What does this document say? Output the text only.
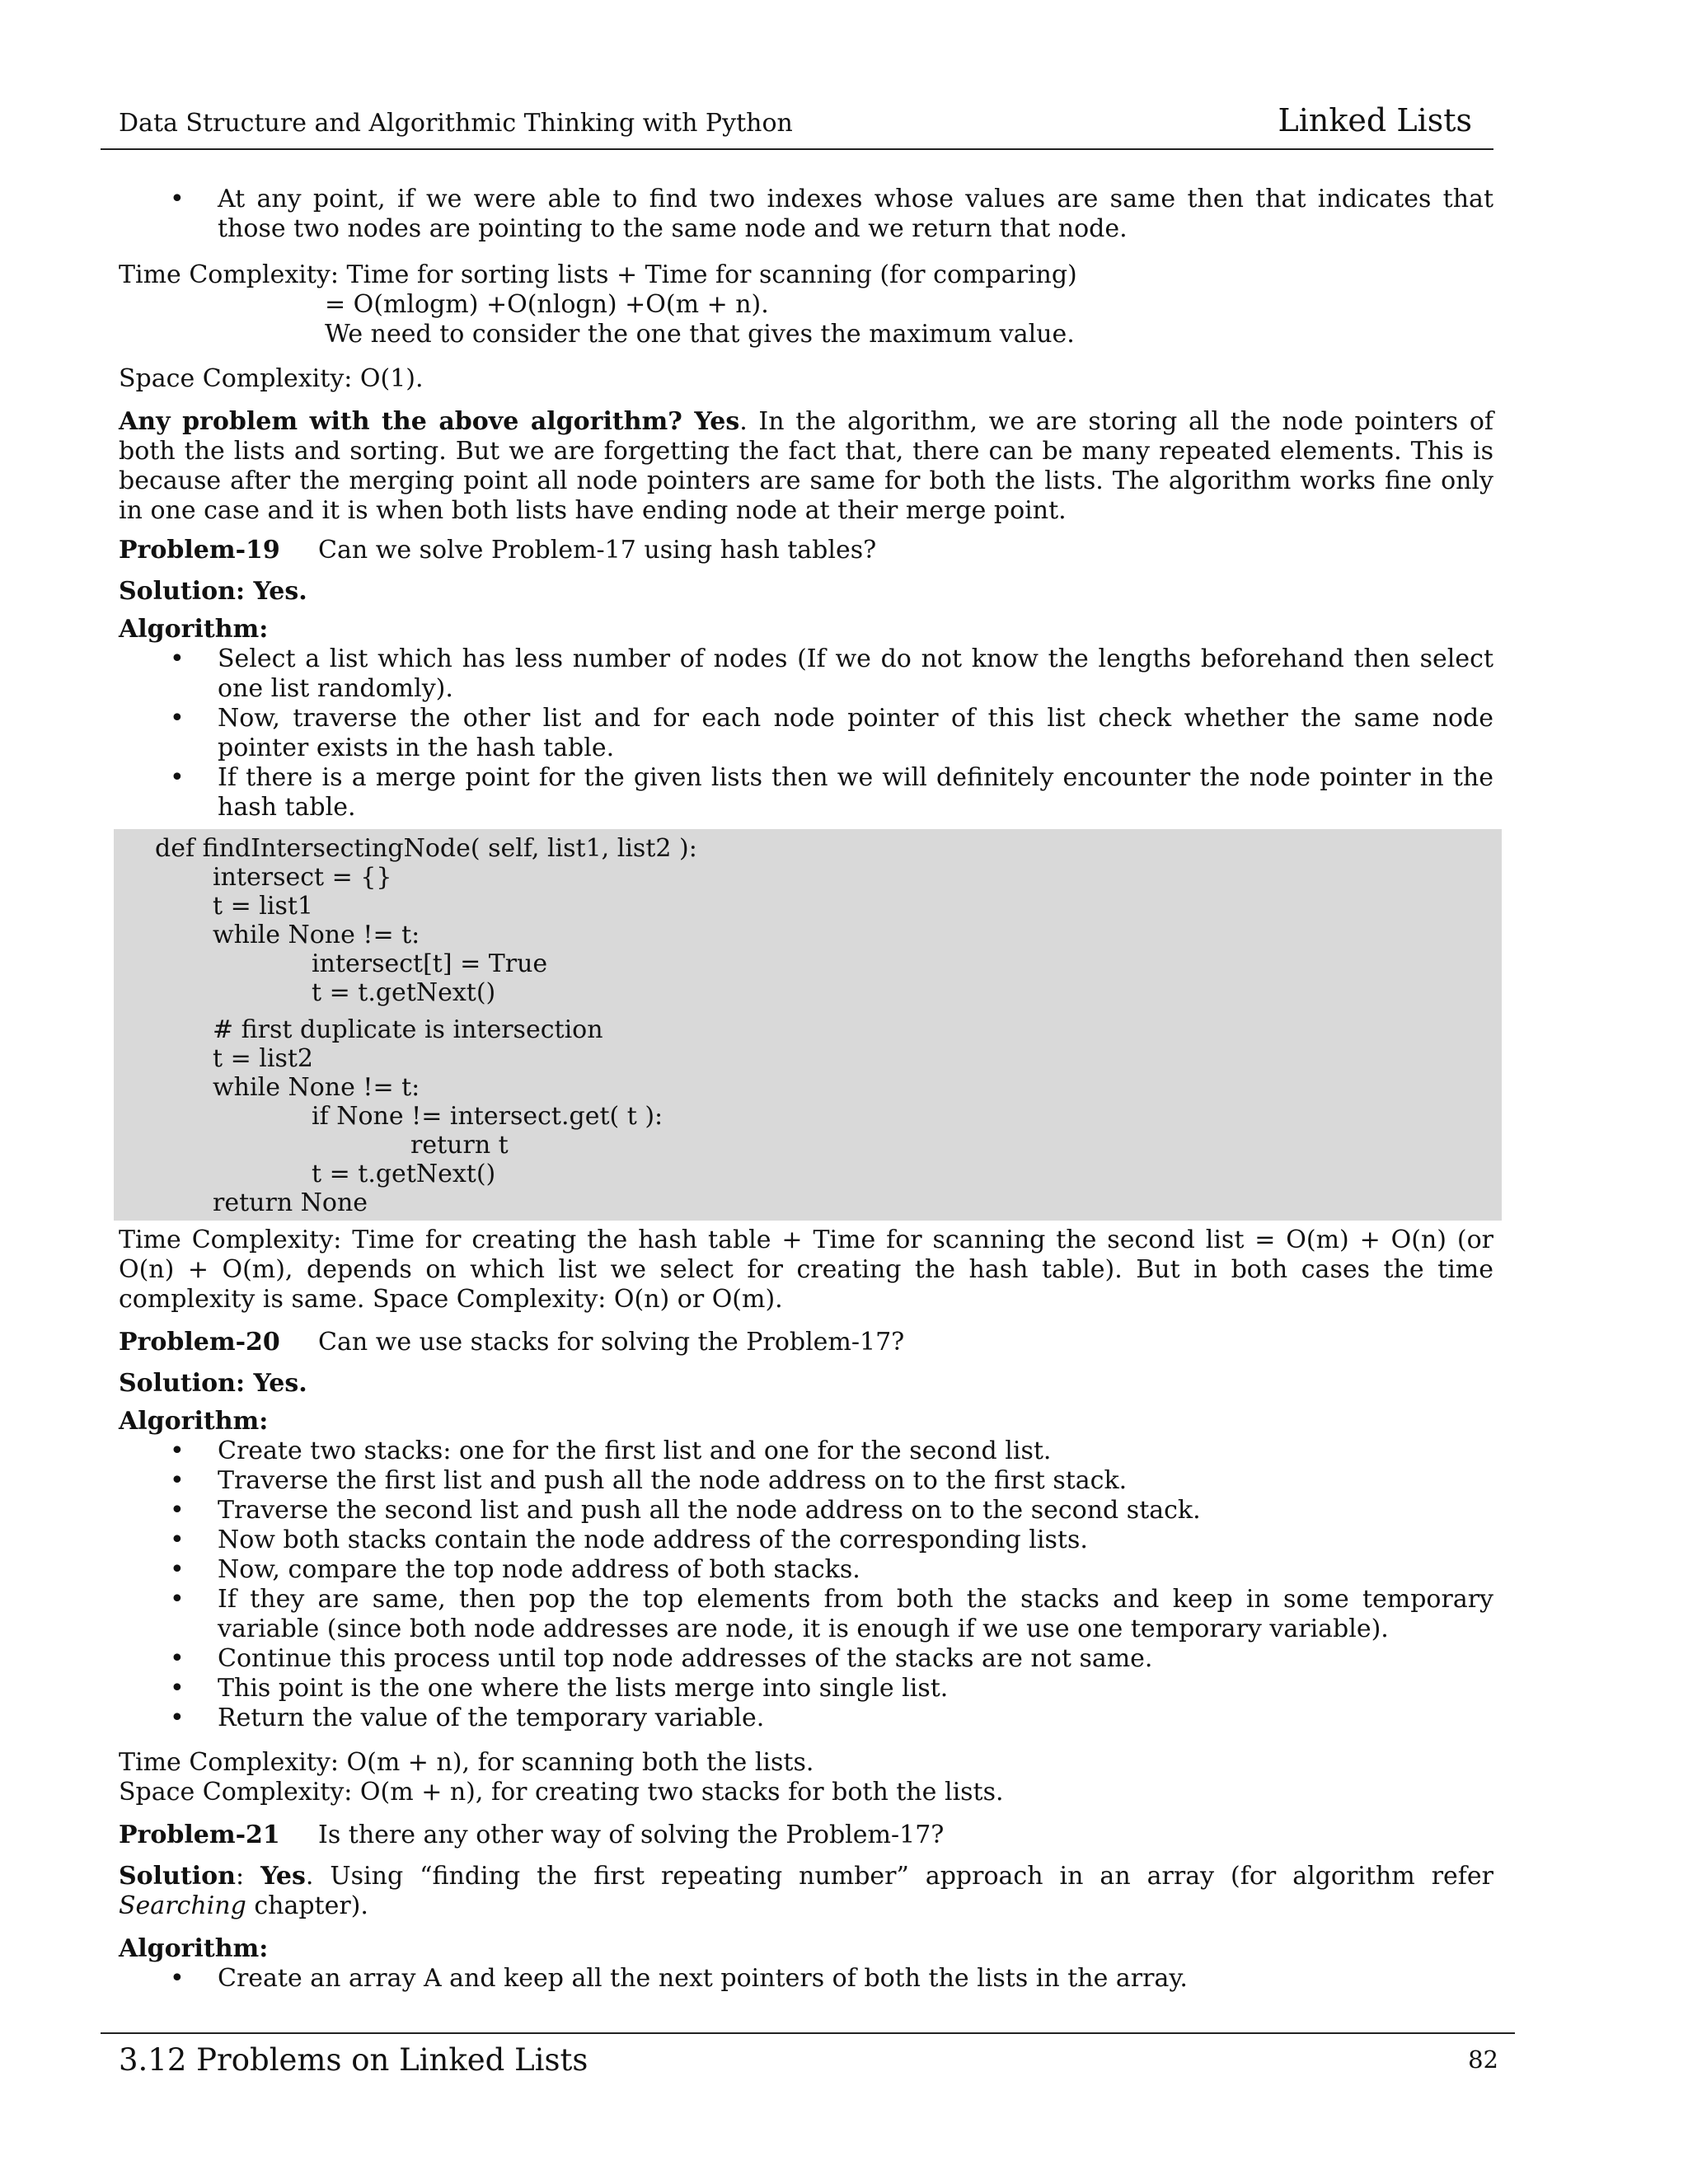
Data Structure and Algorithmic Thinking with Python	Linked Lists
• At any point, if we were able to find two indexes whose values are same then that indicates that those two nodes are pointing to the same node and we return that node.

Time Complexity: Time for sorting lists + Time for scanning (for comparing)

= O(mlogm) +O(nlogn) +O(m + n).

We need to consider the one that gives the maximum value.

Space Complexity: O(1).

Any problem with the above algorithm? Yes. In the algorithm, we are storing all the node pointers of both the lists and sorting. But we are forgetting the fact that, there can be many repeated elements. This is because after the merging point all node pointers are same for both the lists. The algorithm works fine only in one case and it is when both lists have ending node at their merge point.

Problem-19	Can we solve Problem-17 using hash tables?

Solution: Yes.

Algorithm:

• Select a list which has less number of nodes (If we do not know the lengths beforehand then select one list randomly).
• Now, traverse the other list and for each node pointer of this list check whether the same node pointer exists in the hash table.
• If there is a merge point for the given lists then we will definitely encounter the node pointer in the hash table.
def findIntersectingNode( self, list1, list2 ):
intersect = {}
t = list1
while None != t:
intersect[t] = True
t = t.getNext()
# first duplicate is intersection
t = list2
while None != t:
if None != intersect.get( t ):
return t
t = t.getNext()
return None

Time Complexity: Time for creating the hash table + Time for scanning the second list = O(m) + O(n) (or O(n) + O(m), depends on which list we select for creating the hash table). But in both cases the time complexity is same. Space Complexity: O(n) or O(m).

Problem-20	Can we use stacks for solving the Problem-17?

Solution: Yes.

Algorithm:

• Create two stacks: one for the first list and one for the second list.
• Traverse the first list and push all the node address on to the first stack.
• Traverse the second list and push all the node address on to the second stack.
• Now both stacks contain the node address of the corresponding lists.
• Now, compare the top node address of both stacks.
• If they are same, then pop the top elements from both the stacks and keep in some temporary variable (since both node addresses are node, it is enough if we use one temporary variable).
• Continue this process until top node addresses of the stacks are not same.
• This point is the one where the lists merge into single list.
• Return the value of the temporary variable.

Time Complexity: O(m + n), for scanning both the lists.

Space Complexity: O(m + n), for creating two stacks for both the lists.

Problem-21	Is there any other way of solving the Problem-17?

Solution: Yes. Using “finding the first repeating number” approach in an array (for algorithm refer Searching chapter).

Algorithm:

• Create an array A and keep all the next pointers of both the lists in the array.
3.12 Problems on Linked Lists	82
